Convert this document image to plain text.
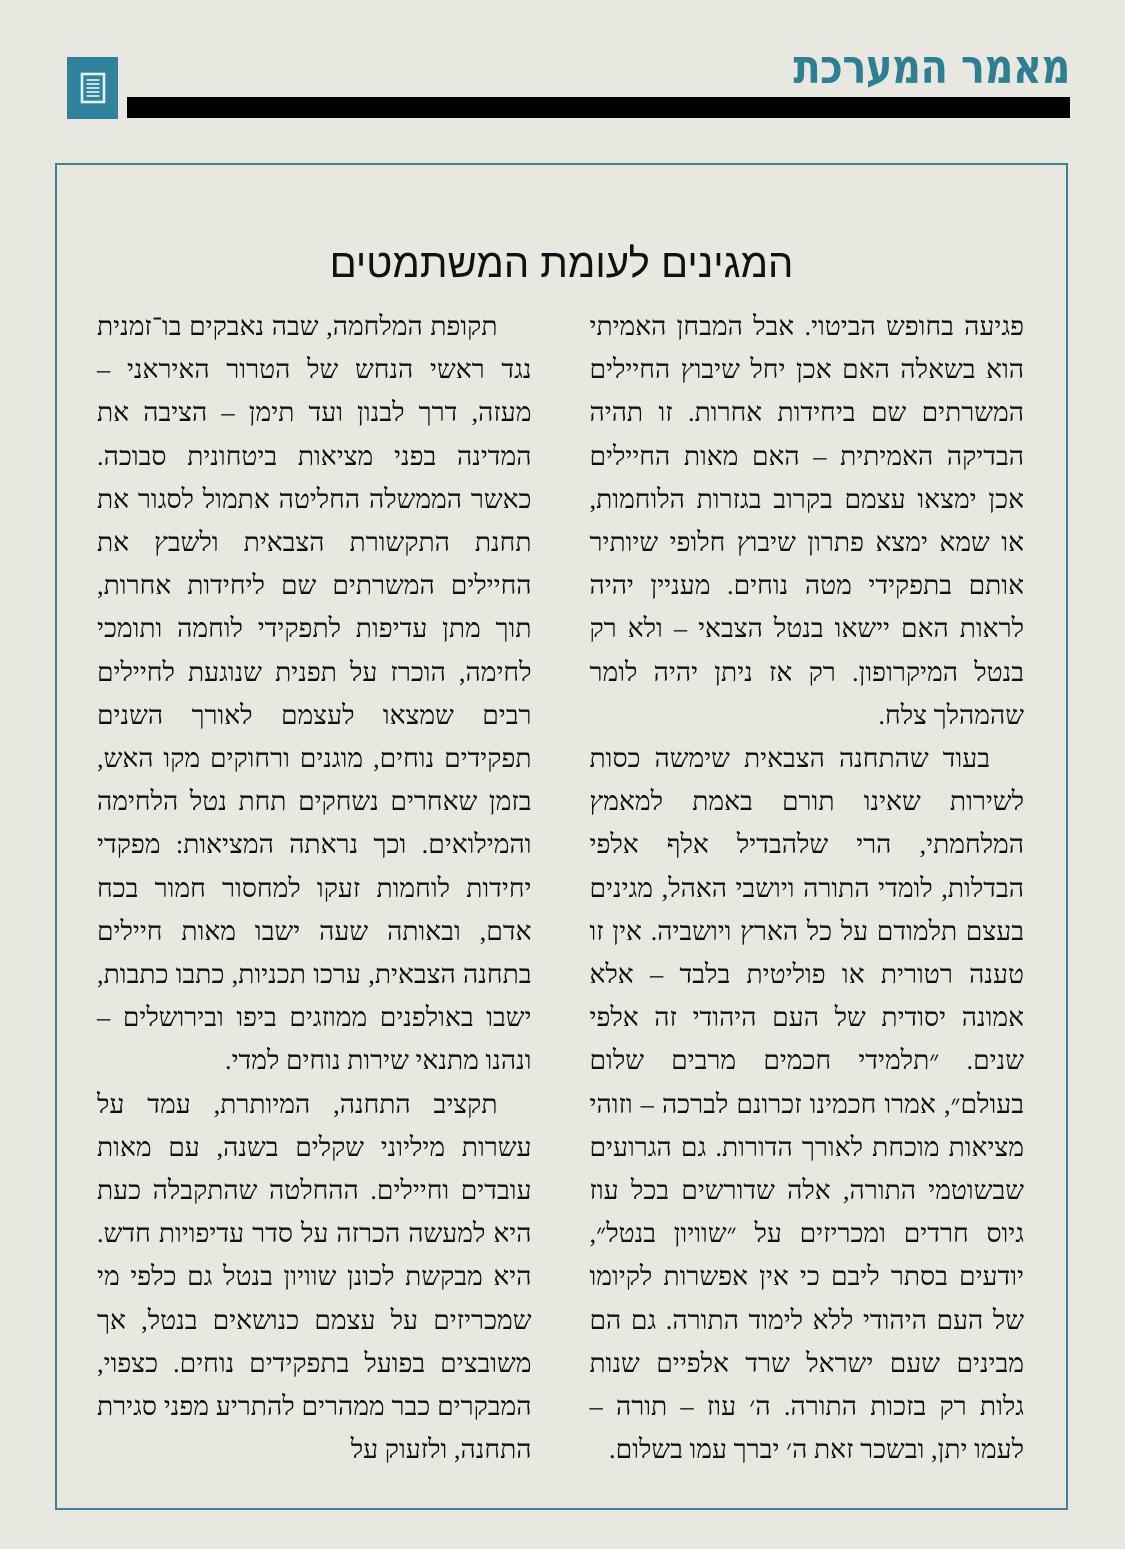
מאמר המערכת
המגינים לעומת המשתמטים

פגיעה בחופש הביטוי. אבל המבחן האמיתי הוא בשאלה האם אכן יחל שיבוץ החיילים המשרתים שם ביחידות אחרות. זו תהיה הבדיקה האמיתית – האם מאות החיילים אכן ימצאו עצמם בקרוב בגזרות הלוחמות, או שמא ימצא פתרון שיבוץ חלופי שיותיר אותם בתפקידי מטה נוחים. מעניין יהיה לראות האם יישאו בנטל הצבאי – ולא רק בנטל המיקרופון. רק אז ניתן יהיה לומר שהמהלך צלח.

בעוד שהתחנה הצבאית שימשה כסות לשירות שאינו תורם באמת למאמץ המלחמתי, הרי שלהבדיל אלף אלפי הבדלות, לומדי התורה ויושבי האהל, מגינים בעצם תלמודם על כל הארץ ויושביה. אין זו טענה רטורית או פוליטית בלבד – אלא אמונה יסודית של העם היהודי זה אלפי שנים. ״תלמידי חכמים מרבים שלום בעולם״, אמרו חכמינו זכרונם לברכה – וזוהי מציאות מוכחת לאורך הדורות. גם הגרועים שבשוטמי התורה, אלה שדורשים בכל עוז גיוס חרדים ומכריזים על ״שוויון בנטל״, יודעים בסתר ליבם כי אין אפשרות לקיומו של העם היהודי ללא לימוד התורה. גם הם מבינים שעם ישראל שרד אלפיים שנות גלות רק בזכות התורה. ה׳ עוז – תורה – לעמו יתן, ובשכר זאת ה׳ יברך עמו בשלום.

תקופת המלחמה, שבה נאבקים בו־זמנית נגד ראשי הנחש של הטרור האיראני – מעזה, דרך לבנון ועד תימן – הציבה את המדינה בפני מציאות ביטחונית סבוכה. כאשר הממשלה החליטה אתמול לסגור את תחנת התקשורת הצבאית ולשבץ את החיילים המשרתים שם ליחידות אחרות, תוך מתן עדיפות לתפקידי לוחמה ותומכי לחימה, הוכרז על תפנית שנוגעת לחיילים רבים שמצאו לעצמם לאורך השנים תפקידים נוחים, מוגנים ורחוקים מקו האש, בזמן שאחרים נשחקים תחת נטל הלחימה והמילואים. וכך נראתה המציאות: מפקדי יחידות לוחמות זעקו למחסור חמור בכח אדם, ובאותה שעה ישבו מאות חיילים בתחנה הצבאית, ערכו תכניות, כתבו כתבות, ישבו באולפנים ממוזגים ביפו ובירושלים – ונהנו מתנאי שירות נוחים למדי.

תקציב התחנה, המיותרת, עמד על עשרות מיליוני שקלים בשנה, עם מאות עובדים וחיילים. ההחלטה שהתקבלה כעת היא למעשה הכרזה על סדר עדיפויות חדש. היא מבקשת לכונן שוויון בנטל גם כלפי מי שמכריזים על עצמם כנושאים בנטל, אך משובצים בפועל בתפקידים נוחים. כצפוי, המבקרים כבר ממהרים להתריע מפני סגירת התחנה, ולזעוק על
